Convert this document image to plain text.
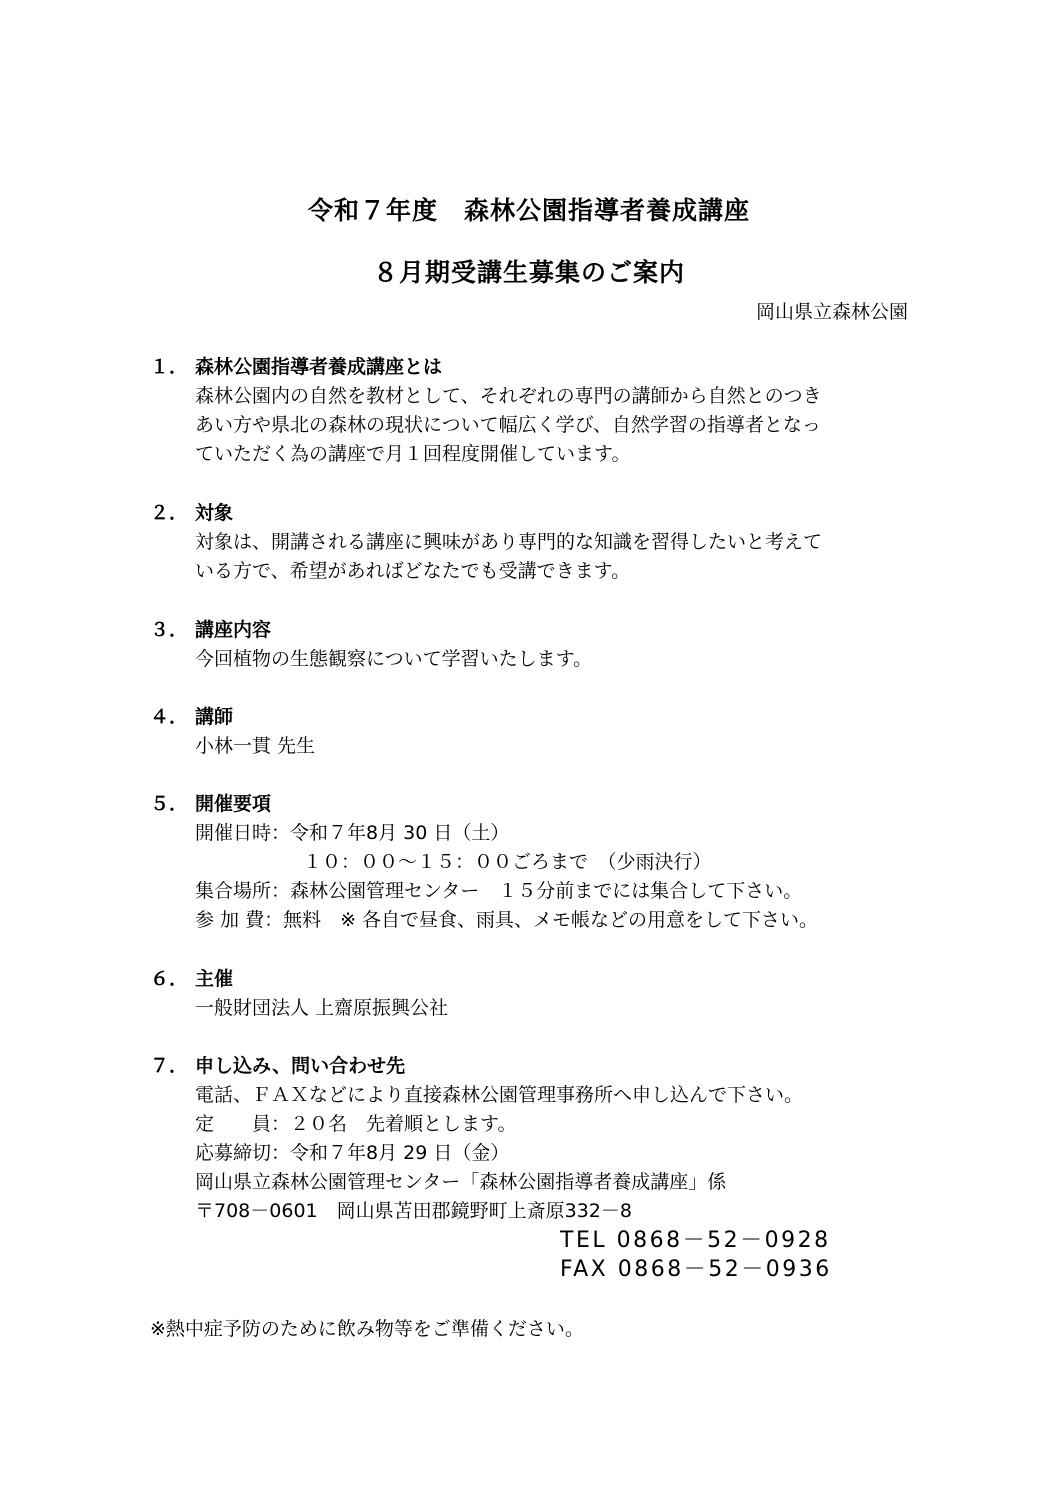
令和７年度　森林公園指導者養成講座
８月期受講生募集のご案内
岡山県立森林公園
１． 森林公園指導者養成講座とは
森林公園内の自然を教材として、それぞれの専門の講師から自然とのつき
あい方や県北の森林の現状について幅広く学び、自然学習の指導者となっ
ていただく為の講座で月１回程度開催しています。
２． 対象
対象は、開講される講座に興味があり専門的な知識を習得したいと考えて
いる方で、希望があればどなたでも受講できます。
３． 講座内容
今回植物の生態観察について学習いたします。
４． 講師
小林一貫 先生
５． 開催要項
開催日時：令和７年8月 30 日（土）
１０：００～１５：００ごろまで　（少雨決行）
集合場所：森林公園管理センター　１５分前までには集合して下さい。
参 加 費：無料　※ 各自で昼食、雨具、メモ帳などの用意をして下さい。
６． 主催
一般財団法人 上齋原振興公社
７． 申し込み、問い合わせ先
電話、ＦＡＸなどにより直接森林公園管理事務所へ申し込んで下さい。
定　　員：２０名　先着順とします。
応募締切：令和７年8月 29 日（金）
岡山県立森林公園管理センター「森林公園指導者養成講座」係
〒708－0601　岡山県苫田郡鏡野町上斎原332－8
TEL 0868－52－0928
FAX 0868－52－0936
※熱中症予防のために飲み物等をご準備ください。
